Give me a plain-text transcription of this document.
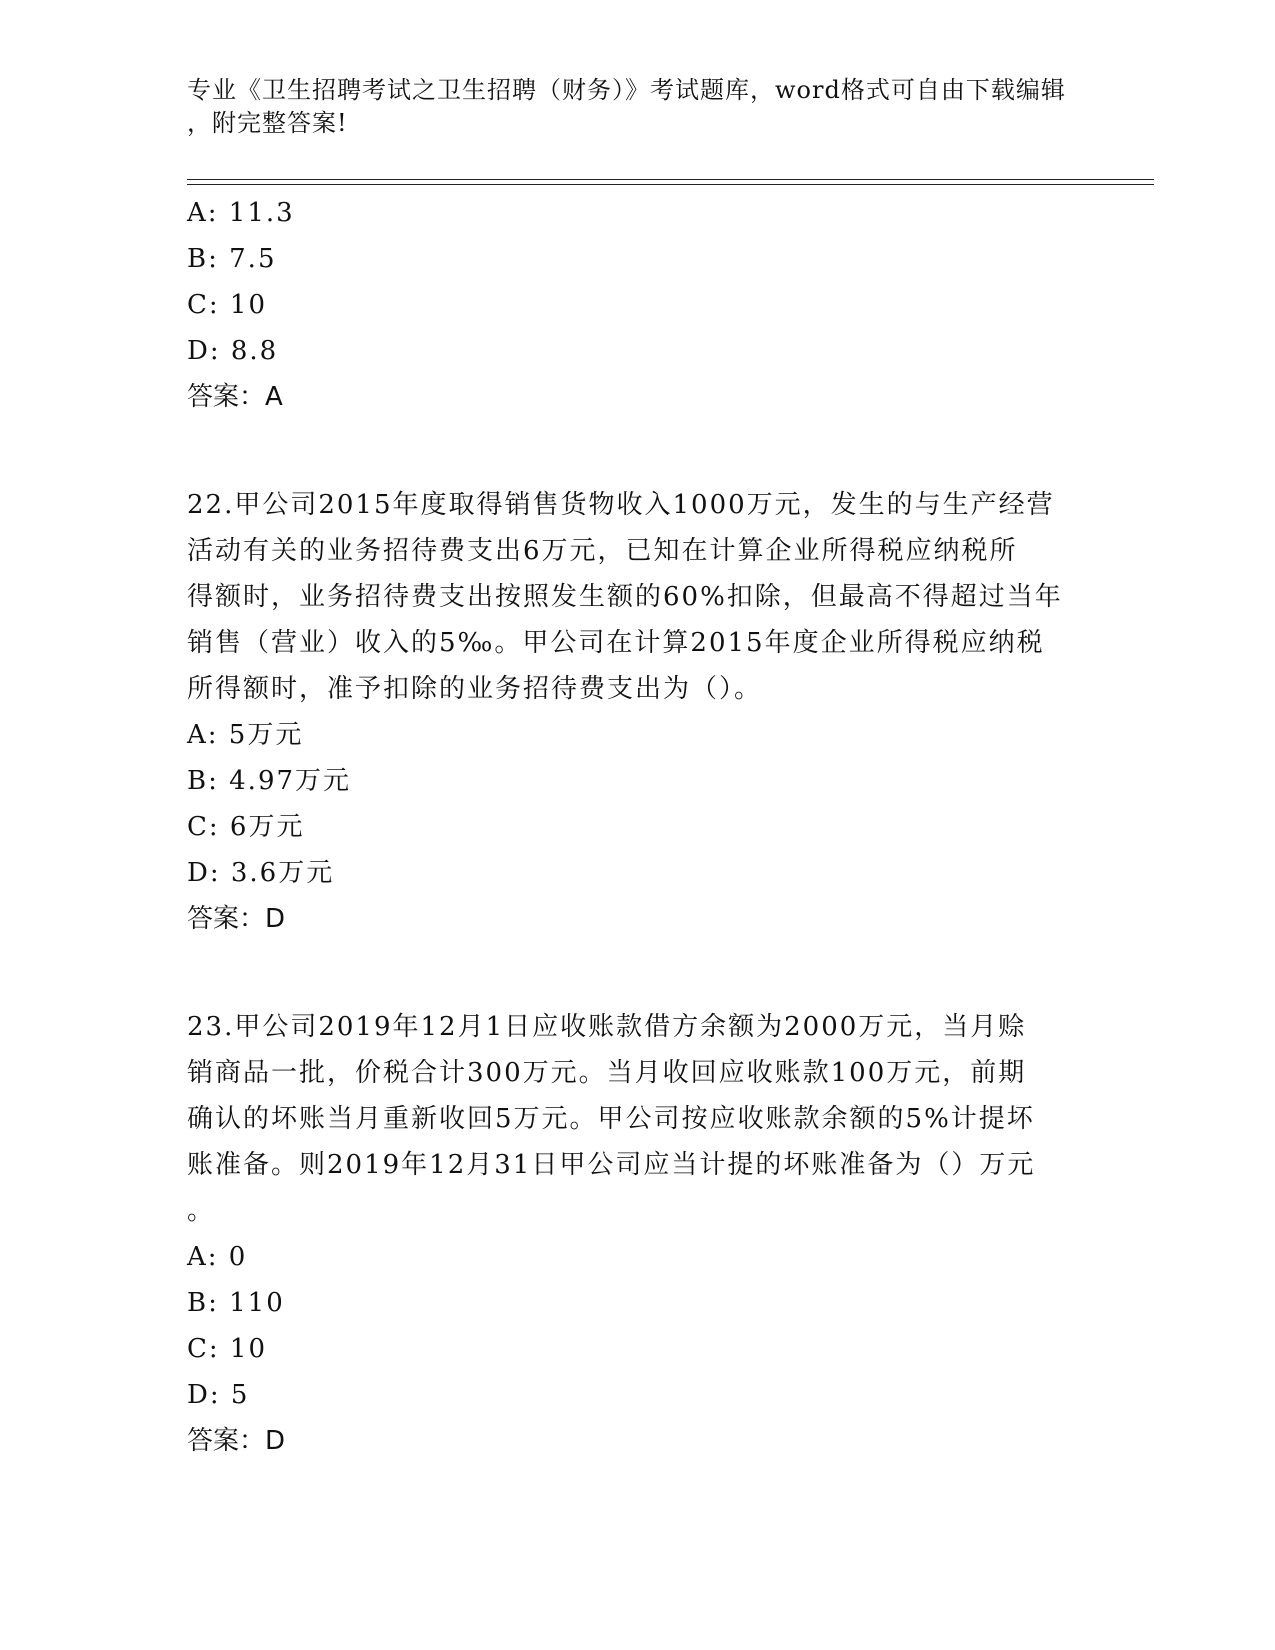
专业《卫生招聘考试之卫生招聘（财务）》考试题库，word格式可自由下载编辑
，附完整答案!
A: 11.3
B: 7.5
C: 10
D: 8.8
答案：A
22.甲公司2015年度取得销售货物收入1000万元，发生的与生产经营
活动有关的业务招待费支出6万元，已知在计算企业所得税应纳税所
得额时，业务招待费支出按照发生额的60%扣除，但最高不得超过当年
销售（营业）收入的5‰。甲公司在计算2015年度企业所得税应纳税
所得额时，准予扣除的业务招待费支出为（）。
A: 5万元
B: 4.97万元
C: 6万元
D: 3.6万元
答案：D
23.甲公司2019年12月1日应收账款借方余额为2000万元，当月赊
销商品一批，价税合计300万元。当月收回应收账款100万元，前期
确认的坏账当月重新收回5万元。甲公司按应收账款余额的5%计提坏
账准备。则2019年12月31日甲公司应当计提的坏账准备为（）万元
。
A: 0
B: 110
C: 10
D: 5
答案：D
